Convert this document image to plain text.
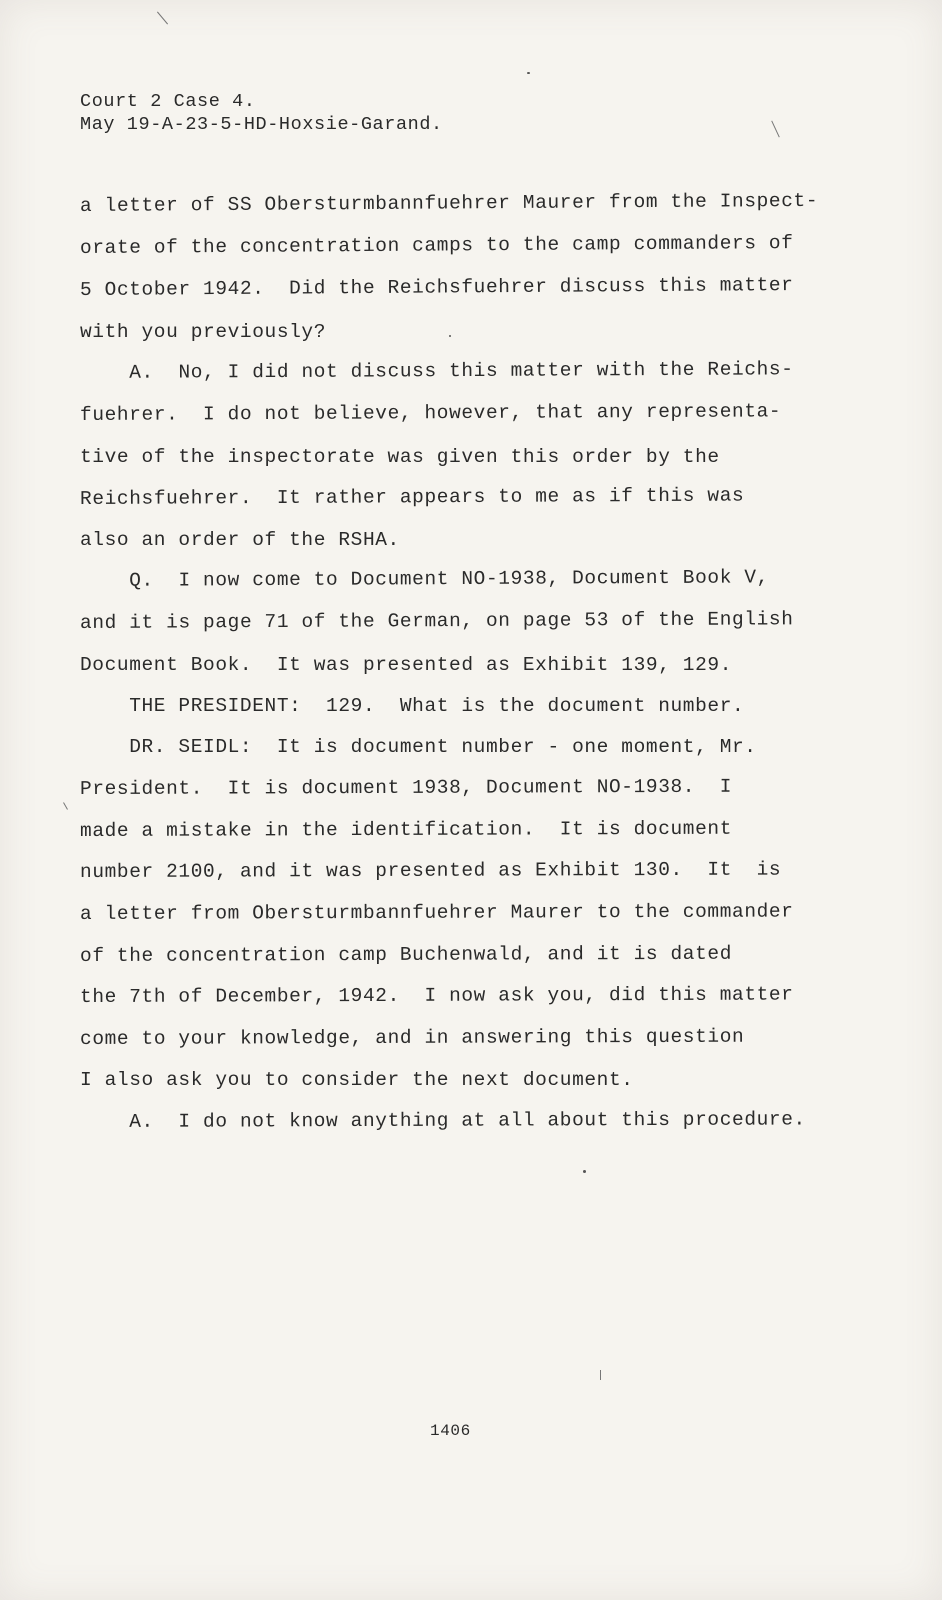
Court 2 Case 4.
May 19-A-23-5-HD-Hoxsie-Garand.
a letter of SS Obersturmbannfuehrer Maurer from the Inspect-
orate of the concentration camps to the camp commanders of
5 October 1942.  Did the Reichsfuehrer discuss this matter
with you previously?
A.  No, I did not discuss this matter with the Reichs-
fuehrer.  I do not believe, however, that any representa-
tive of the inspectorate was given this order by the
Reichsfuehrer.  It rather appears to me as if this was
also an order of the RSHA.
Q.  I now come to Document NO-1938, Document Book V,
and it is page 71 of the German, on page 53 of the English
Document Book.  It was presented as Exhibit 139, 129.
THE PRESIDENT:  129.  What is the document number.
DR. SEIDL:  It is document number - one moment, Mr.
President.  It is document 1938, Document NO-1938.  I
made a mistake in the identification.  It is document
number 2100, and it was presented as Exhibit 130.  It  is
a letter from Obersturmbannfuehrer Maurer to the commander
of the concentration camp Buchenwald, and it is dated
the 7th of December, 1942.  I now ask you, did this matter
come to your knowledge, and in answering this question
I also ask you to consider the next document.
A.  I do not know anything at all about this procedure.
1406
